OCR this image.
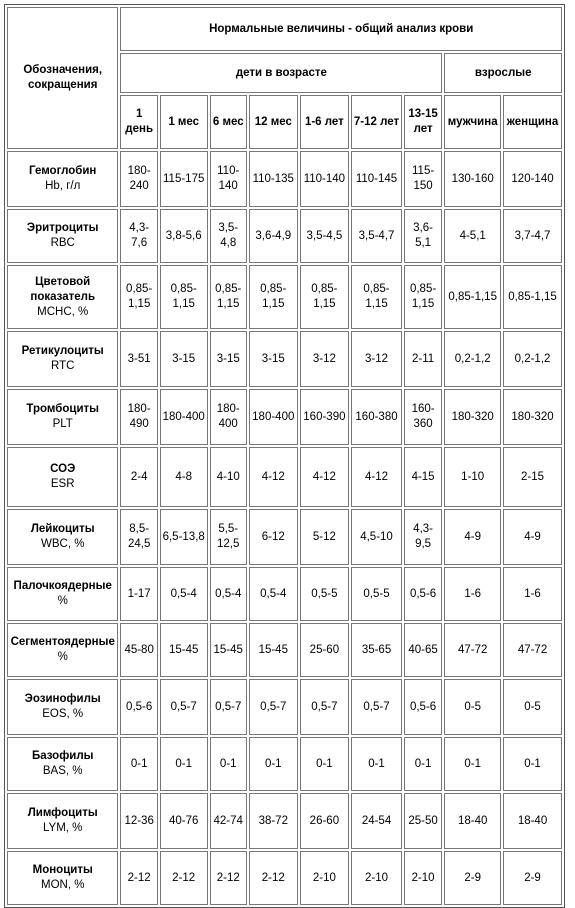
Обозначения, сокращения	Нормальные величины - общий анализ крови								
	дети в возрасте							взрослые	
	1 день	1 мес	6 мес	12 мес	1-6 лет	7-12 лет	13-15 лет	мужчина	женщина

Гемоглобин
Hb, г/л	180-240	115-175	110-140	110-135	110-140	110-145	115-150	130-160	120-140

Эритроциты
RBC	4,3-7,6	3,8-5,6	3,5-4,8	3,6-4,9	3,5-4,5	3,5-4,7	3,6-5,1	4-5,1	3,7-4,7

Цветовой показатель
MCHC, %	0,85-1,15	0,85-1,15	0,85-1,15	0,85-1,15	0,85-1,15	0,85-1,15	0,85-1,15	0,85-1,15	0,85-1,15

Ретикулоциты
RTC	3-51	3-15	3-15	3-15	3-12	3-12	2-11	0,2-1,2	0,2-1,2

Тромбоциты
PLT	180-490	180-400	180-400	180-400	160-390	160-380	160-360	180-320	180-320

СОЭ
ESR	2-4	4-8	4-10	4-12	4-12	4-12	4-15	1-10	2-15

Лейкоциты
WBC, %	8,5-24,5	6,5-13,8	5,5-12,5	6-12	5-12	4,5-10	4,3-9,5	4-9	4-9

Палочкоядерные
%	1-17	0,5-4	0,5-4	0,5-4	0,5-5	0,5-5	0,5-6	1-6	1-6

Сегментоядерные
%	45-80	15-45	15-45	15-45	25-60	35-65	40-65	47-72	47-72

Эозинофилы
EOS, %	0,5-6	0,5-7	0,5-7	0,5-7	0,5-7	0,5-7	0,5-6	0-5	0-5

Базофилы
BAS, %	0-1	0-1	0-1	0-1	0-1	0-1	0-1	0-1	0-1

Лимфоциты
LYM, %	12-36	40-76	42-74	38-72	26-60	24-54	25-50	18-40	18-40

Моноциты
MON, %	2-12	2-12	2-12	2-12	2-10	2-10	2-10	2-9	2-9
